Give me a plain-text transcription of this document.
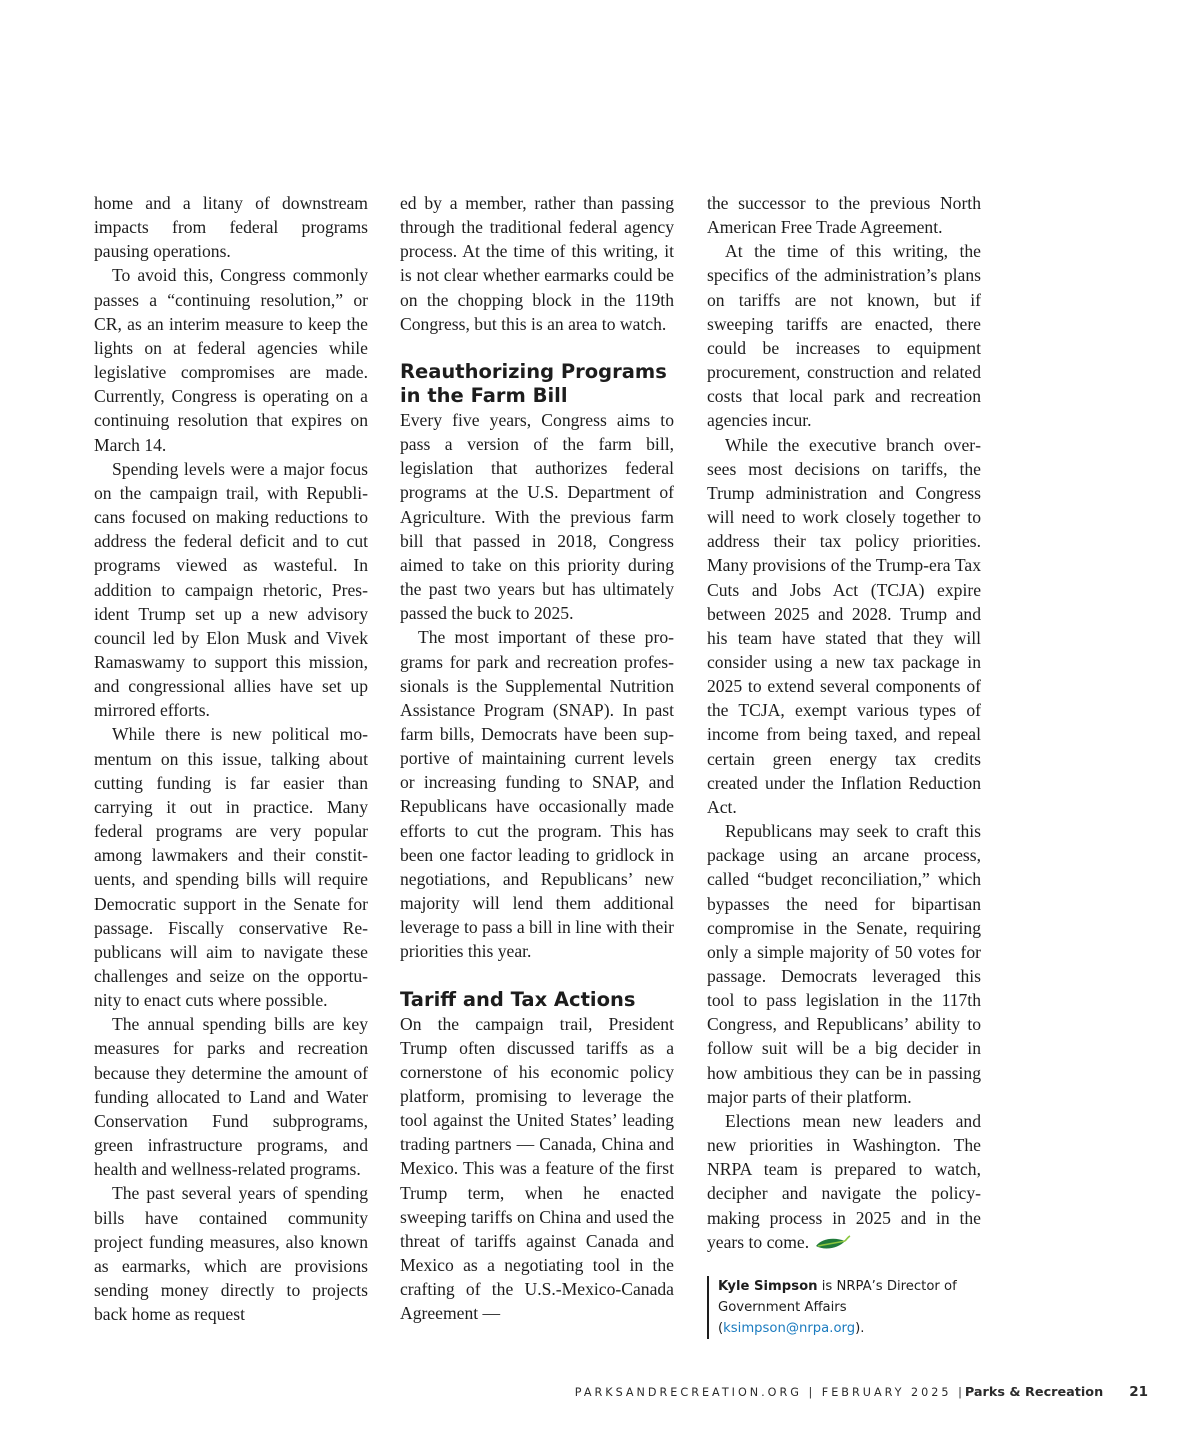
home and a litany of downstream impacts from federal programs pausing operations.

To avoid this, Congress commonly passes a “continuing resolution,” or CR, as an interim measure to keep the lights on at federal agencies while legislative compromises are made. Currently, Congress is operating on a continuing resolution that expires on March 14.

Spending levels were a major focus on the campaign trail, with Republicans focused on making reductions to address the federal deficit and to cut programs viewed as wasteful. In addition to campaign rhetoric, President Trump set up a new advisory council led by Elon Musk and Vivek Ramaswamy to support this mission, and congressional allies have set up mirrored efforts.

While there is new political momentum on this issue, talking about cutting funding is far easier than carrying it out in practice. Many federal programs are very popular among lawmakers and their constituents, and spending bills will require Democratic support in the Senate for passage. Fiscally conservative Republicans will aim to navigate these challenges and seize on the opportunity to enact cuts where possible.

The annual spending bills are key measures for parks and recreation because they determine the amount of funding allocated to Land and Water Conservation Fund subprograms, green infrastructure programs, and health and wellness-related programs.

The past several years of spending bills have contained community project funding measures, also known as earmarks, which are provisions sending money directly to projects back home as request

ed by a member, rather than passing through the traditional federal agency process. At the time of this writing, it is not clear whether earmarks could be on the chopping block in the 119th Congress, but this is an area to watch.

Reauthorizing Programs in the Farm Bill

Every five years, Congress aims to pass a version of the farm bill, legislation that authorizes federal programs at the U.S. Department of Agriculture. With the previous farm bill that passed in 2018, Congress aimed to take on this priority during the past two years but has ultimately passed the buck to 2025.

The most important of these programs for park and recreation professionals is the Supplemental Nutrition Assistance Program (SNAP). In past farm bills, Democrats have been supportive of maintaining current levels or increasing funding to SNAP, and Republicans have occasionally made efforts to cut the program. This has been one factor leading to gridlock in negotiations, and Republicans’ new majority will lend them additional leverage to pass a bill in line with their priorities this year.

Tariff and Tax Actions

On the campaign trail, President Trump often discussed tariffs as a cornerstone of his economic policy platform, promising to leverage the tool against the United States’ leading trading partners — Canada, China and Mexico. This was a feature of the first Trump term, when he enacted sweeping tariffs on China and used the threat of tariffs against Canada and Mexico as a negotiating tool in the crafting of the U.S.-Mexico-Canada Agreement —

the successor to the previous North American Free Trade Agreement.

At the time of this writing, the specifics of the administration’s plans on tariffs are not known, but if sweeping tariffs are enacted, there could be increases to equipment procurement, construction and related costs that local park and recreation agencies incur.

While the executive branch oversees most decisions on tariffs, the Trump administration and Congress will need to work closely together to address their tax policy priorities. Many provisions of the Trump-era Tax Cuts and Jobs Act (TCJA) expire between 2025 and 2028. Trump and his team have stated that they will consider using a new tax package in 2025 to extend several components of the TCJA, exempt various types of income from being taxed, and repeal certain green energy tax credits created under the Inflation Reduction Act.

Republicans may seek to craft this package using an arcane process, called “budget reconciliation,” which bypasses the need for bipartisan compromise in the Senate, requiring only a simple majority of 50 votes for passage. Democrats leveraged this tool to pass legislation in the 117th Congress, and Republicans’ ability to follow suit will be a big decider in how ambitious they can be in passing major parts of their platform.

Elections mean new leaders and new priorities in Washington. The NRPA team is prepared to watch, decipher and navigate the policymaking process in 2025 and in the years to come.

Kyle Simpson is NRPA’s Director of Government Affairs (ksimpson@nrpa.org).

PARKSANDRECREATION.ORG | FEBRUARY 2025 | Parks & Recreation 21
